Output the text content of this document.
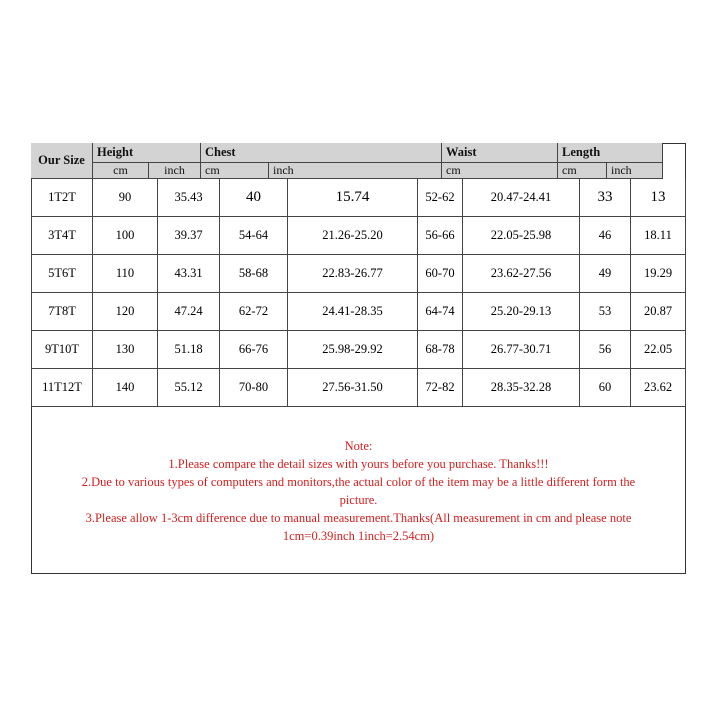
Our Size
Height	Chest	Waist	Length
cm	inch	cm	inch	cm	cm	inch
1T2T	90	35.43	40	15.74	52-62	20.47-24.41	33	13
3T4T	100	39.37	54-64	21.26-25.20	56-66	22.05-25.98	46	18.11
5T6T	110	43.31	58-68	22.83-26.77	60-70	23.62-27.56	49	19.29
7T8T	120	47.24	62-72	24.41-28.35	64-74	25.20-29.13	53	20.87
9T10T	130	51.18	66-76	25.98-29.92	68-78	26.77-30.71	56	22.05
11T12T	140	55.12	70-80	27.56-31.50	72-82	28.35-32.28	60	23.62
Note:
1.Please compare the detail sizes with yours before you purchase. Thanks!!!
2.Due to various types of computers and monitors,the actual color of the item may be a little different form the
picture.
3.Please allow 1-3cm difference due to manual measurement.Thanks(All measurement in cm and please note
1cm=0.39inch 1inch=2.54cm)
